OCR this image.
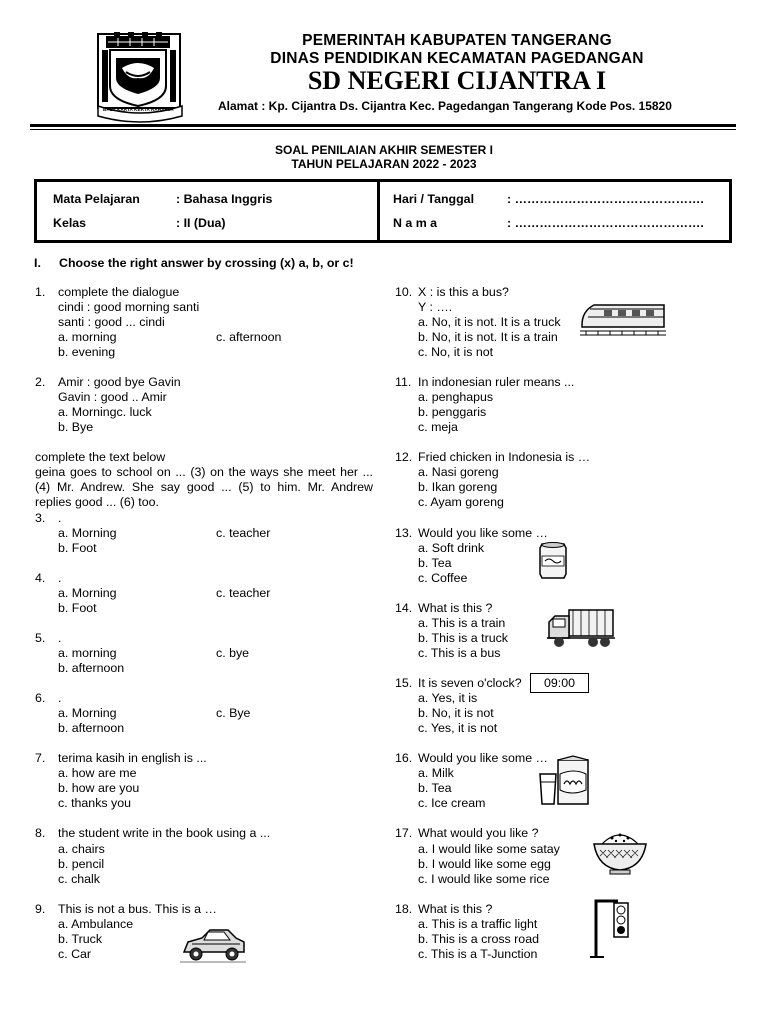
BALA KARYA KERTA RAHARJA
PEMERINTAH KABUPATEN TANGERANG
DINAS PENDIDIKAN KECAMATAN PAGEDANGAN
SD NEGERI CIJANTRA I
Alamat : Kp. Cijantra Ds. Cijantra Kec. Pagedangan Tangerang Kode Pos. 15820
SOAL PENILAIAN AKHIR SEMESTER I
TAHUN PELAJARAN 2022 - 2023
Mata Pelajaran	: Bahasa Inggris
Kelas	: II (Dua)
Hari / Tanggal	: ……………………………………….
N a m a	: ……………………………………….
I. Choose the right answer by crossing (x) a, b, or c!
1. complete the dialogue
cindi : good morning santi
santi : good ... cindi
a. morning	c. afternoon
b. evening
2. Amir : good bye Gavin
Gavin : good .. Amir
a. Morningc. luck
b. Bye
complete the text below
geina goes to school on ... (3) on the ways she meet her ... (4) Mr. Andrew. She say good ... (5) to him. Mr. Andrew replies good ... (6) too.
3. .
a. Morning	c. teacher
b. Foot
4. .
a. Morning	c. teacher
b. Foot
5. .
a. morning	c. bye
b. afternoon
6. .
a. Morning	c. Bye
b. afternoon
7. terima kasih in english is ...
a. how are me
b. how are you
c. thanks you
8. the student write in the book using a ...
a. chairs
b. pencil
c. chalk
9. This is not a bus. This is a …
a. Ambulance
b. Truck
c. Car
10. X : is this a bus?
Y : ….
a. No, it is not. It is a truck
b. No, it is not. It is a train
c. No, it is not
11. In indonesian ruler means ...
a. penghapus
b. penggaris
c. meja
12. Fried chicken in Indonesia is …
a. Nasi goreng
b. Ikan goreng
c. Ayam goreng
13. Would you like some …
a. Soft drink
b. Tea
c. Coffee
14. What is this ?
a. This is a train
b. This is a truck
c. This is a bus
15. It is seven o'clock?	09:00
a. Yes, it is
b. No, it is not
c. Yes, it is not
16. Would you like some …
a. Milk
b. Tea
c. Ice cream
17. What would you like ?
a. I would like some satay
b. I would like some egg
c. I would like some rice
18. What is this ?
a. This is a traffic light
b. This is a cross road
c. This is a T-Junction
